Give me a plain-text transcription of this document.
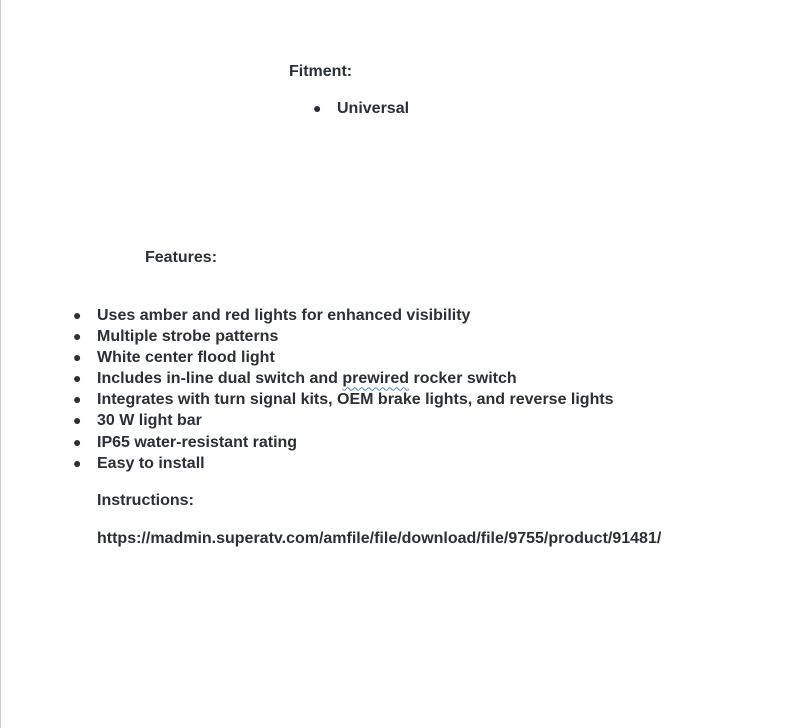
Fitment:
● Universal
Features:
● Uses amber and red lights for enhanced visibility
● Multiple strobe patterns
● White center flood light
● Includes in-line dual switch and prewired rocker switch
● Integrates with turn signal kits, OEM brake lights, and reverse lights
● 30 W light bar
● IP65 water-resistant rating
● Easy to install
Instructions:
https://madmin.superatv.com/amfile/file/download/file/9755/product/91481/
